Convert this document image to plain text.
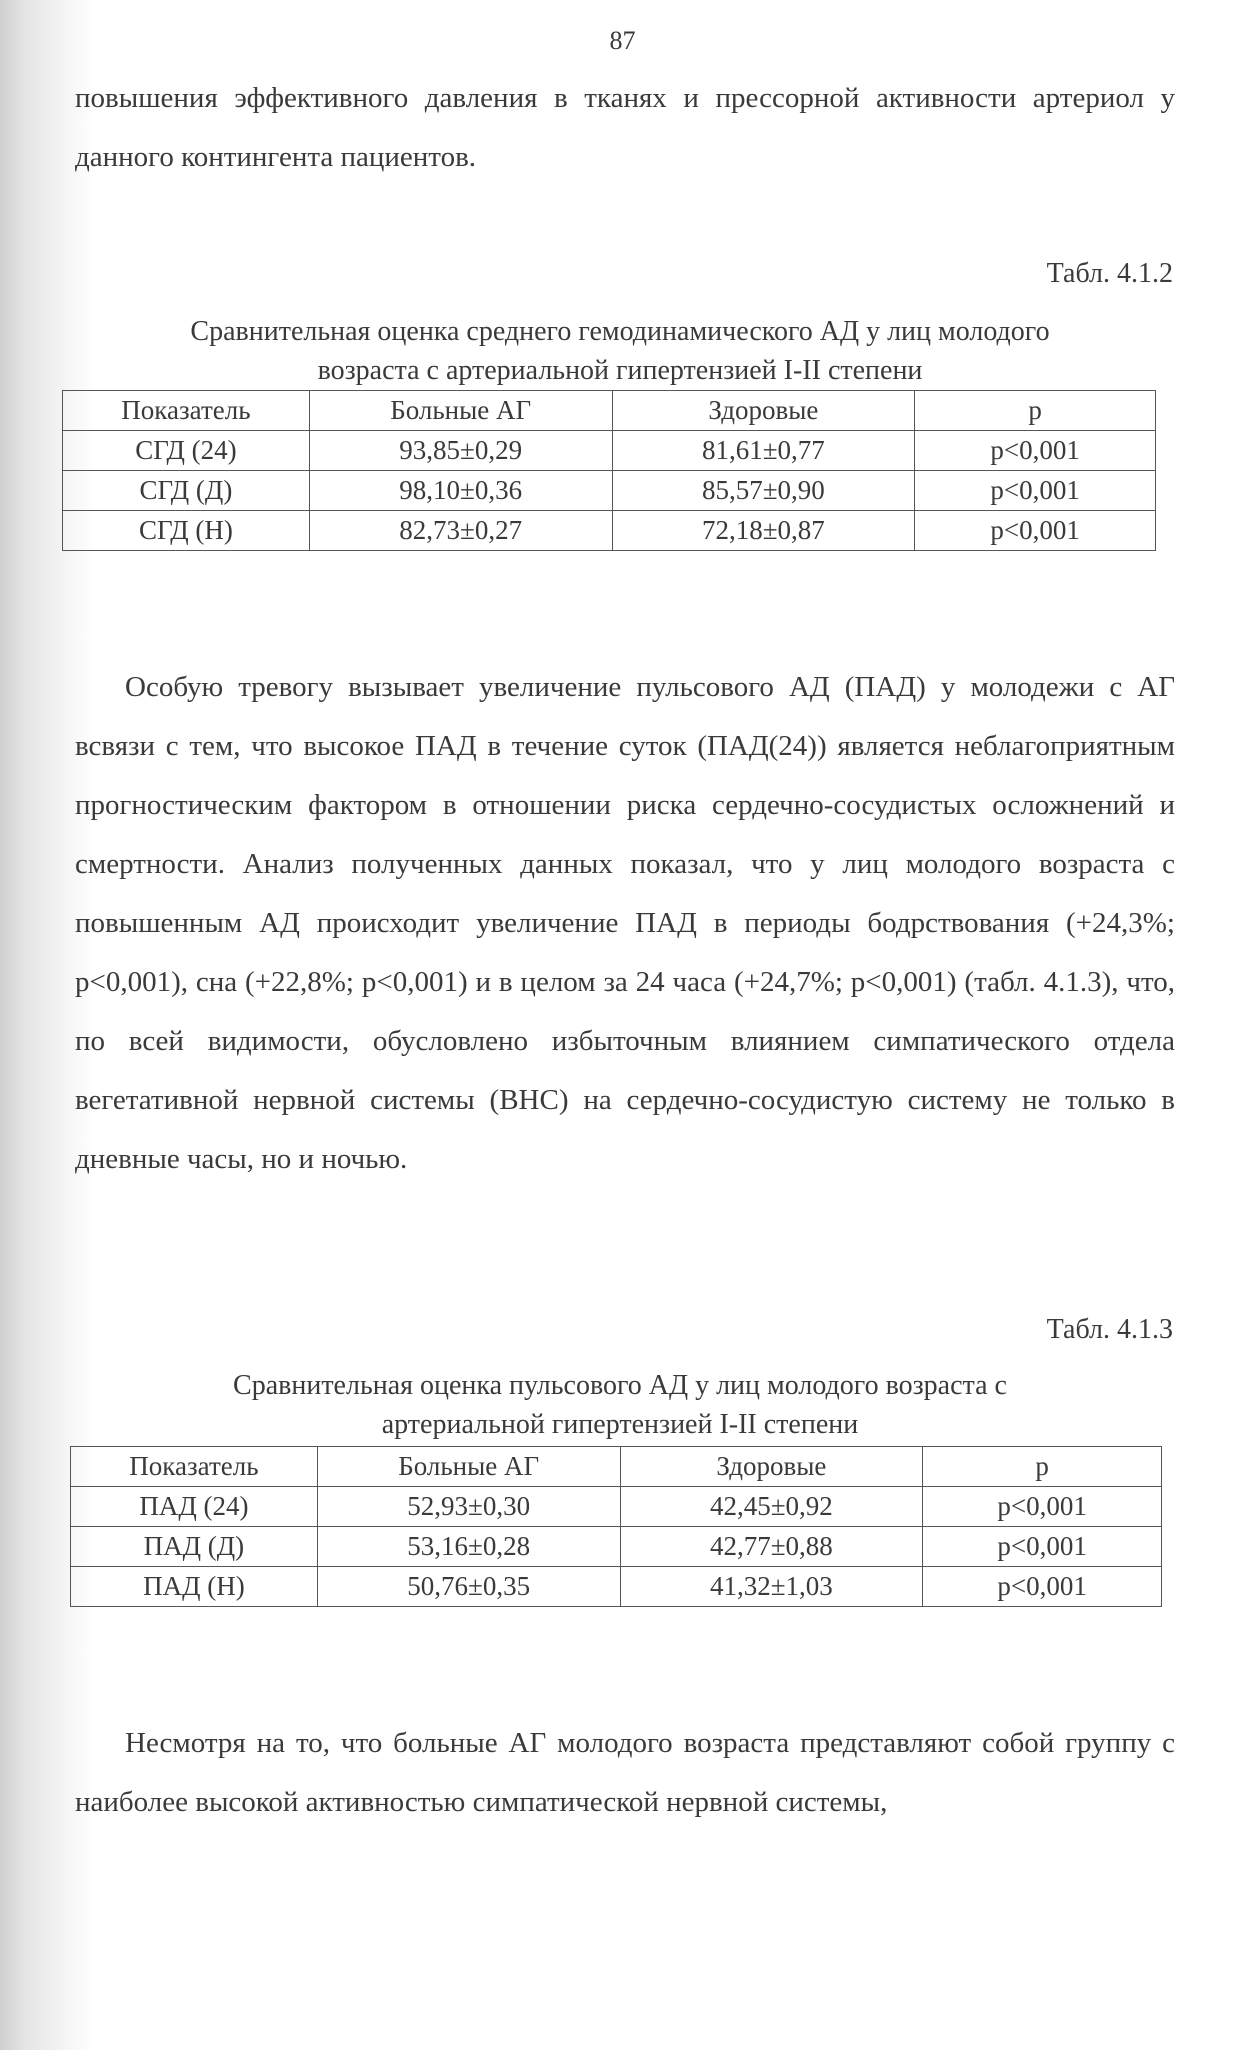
87

повышения эффективного давления в тканях и прессорной активности артериол у данного контингента пациентов.

Табл. 4.1.2

Сравнительная оценка среднего гемодинамического АД у лиц молодого
возраста с артериальной гипертензией I-II степени

Показатель	Больные АГ	Здоровые	p
СГД (24)	93,85±0,29	81,61±0,77	p<0,001
СГД (Д)	98,10±0,36	85,57±0,90	p<0,001
СГД (Н)	82,73±0,27	72,18±0,87	p<0,001

Особую тревогу вызывает увеличение пульсового АД (ПАД) у молодежи с АГ всвязи с тем, что высокое ПАД в течение суток (ПАД(24)) является неблагоприятным прогностическим фактором в отношении риска сердечно-сосудистых осложнений и смертности. Анализ полученных данных показал, что у лиц молодого возраста с повышенным АД происходит увеличение ПАД в периоды бодрствования (+24,3%; p<0,001), сна (+22,8%; p<0,001) и в целом за 24 часа (+24,7%; p<0,001) (табл. 4.1.3), что, по всей видимости, обусловлено избыточным влиянием симпатического отдела вегетативной нервной системы (ВНС) на сердечно-сосудистую систему не только в дневные часы, но и ночью.

Табл. 4.1.3

Сравнительная оценка пульсового АД у лиц молодого возраста с
артериальной гипертензией I-II степени

Показатель	Больные АГ	Здоровые	p
ПАД (24)	52,93±0,30	42,45±0,92	p<0,001
ПАД (Д)	53,16±0,28	42,77±0,88	p<0,001
ПАД (Н)	50,76±0,35	41,32±1,03	p<0,001

Несмотря на то, что больные АГ молодого возраста представляют собой группу с наиболее высокой активностью симпатической нервной системы,
